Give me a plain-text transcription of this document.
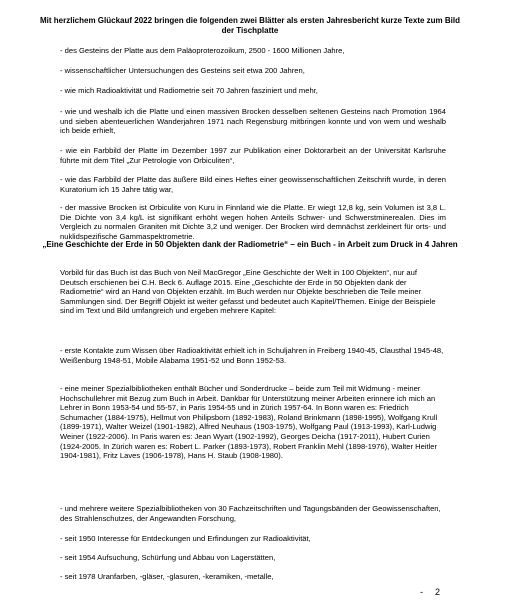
Mit herzlichem Glückauf 2022 bringen die folgenden zwei Blätter als ersten Jahresbericht kurze Texte zum Bild der Tischplatte

- des Gesteins der Platte aus dem Paläoproterozoikum, 2500 - 1600 Millionen Jahre,

- wissenschaftlicher Untersuchungen des Gesteins seit etwa 200 Jahren,

- wie mich Radioaktivität und Radiometrie seit 70 Jahren fasziniert und mehr,

- wie und weshalb ich die Platte und einen massiven Brocken desselben seltenen Gesteins nach Promotion 1964 und sieben abenteuerlichen Wanderjahren 1971 nach Regensburg mitbringen konnte und von wem und weshalb ich beide erhielt,

- wie ein Farbbild der Platte im Dezember 1997 zur Publikation einer Doktorarbeit an der Universität Karlsruhe führte mit dem Titel „Zur Petrologie von Orbiculiten“,

- wie das Farbbild der Platte das äußere Bild eines Heftes einer geowissenschaftlichen Zeitschrift wurde, in deren Kuratorium ich 15 Jahre tätig war,

- der massive Brocken ist Orbiculite von Kuru in Finnland wie die Platte. Er wiegt 12,8 kg, sein Volumen ist 3,8 L. Die Dichte von 3,4 kg/L ist signifikant erhöht wegen hohen Anteils Schwer- und Schwerstminerealen. Dies im Vergleich zu normalen Graniten mit Dichte 3,2 und weniger. Der Brocken wird demnächst zerkleinert für orts- und nuklidspezifische Gammaspektrometrie.

„Eine Geschichte der Erde in 50 Objekten dank der Radiometrie“ – ein Buch - in Arbeit zum Druck in 4 Jahren

Vorbild für das Buch ist das Buch von Neil MacGregor „Eine Geschichte der Welt in 100 Objekten“, nur auf Deutsch erschienen bei C.H. Beck 6. Auflage 2015. Eine „Geschichte der Erde in 50 Objekten dank der Radiometrie“ wird an Hand von Objekten erzählt. Im Buch werden nur Objekte beschrieben die Teile meiner Sammlungen sind. Der Begriff Objekt ist weiter gefasst und bedeutet auch Kapitel/Themen. Einige der Beispiele sind im Text und Bild umfangreich und ergeben mehrere Kapitel:

- erste Kontakte zum Wissen über Radioaktivität erhielt ich in Schuljahren in Freiberg 1940-45, Clausthal 1945-48, Weißenburg 1948-51, Mobile Alabama 1951-52 und Bonn 1952-53.

- eine meiner Spezialbibliotheken enthält Bücher und Sonderdrucke – beide zum Teil mit Widmung - meiner Hochschullehrer mit Bezug zum Buch in Arbeit. Dankbar für Unterstützung meiner Arbeiten erinnere ich mich an Lehrer in Bonn 1953-54 und 55-57, in Paris 1954-55 und in Zürich 1957-64. In Bonn waren es: Friedrich Schumacher (1884-1975), Hellmut von Philipsborn (1892-1983), Roland Brinkmann (1898-1995), Wolfgang Krull (1899-1971), Walter Weizel (1901-1982), Alfred Neuhaus (1903-1975), Wolfgang Paul (1913-1993), Karl-Ludwig Weiner (1922-2006). In Paris waren es: Jean Wyart (1902-1992), Georges Deicha (1917-2011), Hubert Curien (1924-2005. In Zürich waren es: Robert L. Parker (1893-1973), Robert Franklin Mehl (1898-1976), Walter Heitler 1904-1981), Fritz Laves (1906-1978), Hans H. Staub (1908-1980).

- und mehrere weitere Spezialbibliotheken von 30 Fachzeitschriften und Tagungsbänden der Geowissenschaften, des Strahlenschutzes, der Angewandten Forschung,

- seit 1950 Interesse für Entdeckungen und Erfindungen zur Radioaktivität,

- seit 1954 Aufsuchung, Schürfung und Abbau von Lagerstätten,

- seit 1978 Uranfarben, -gläser, -glasuren, -keramiken, -metalle,

- 2
